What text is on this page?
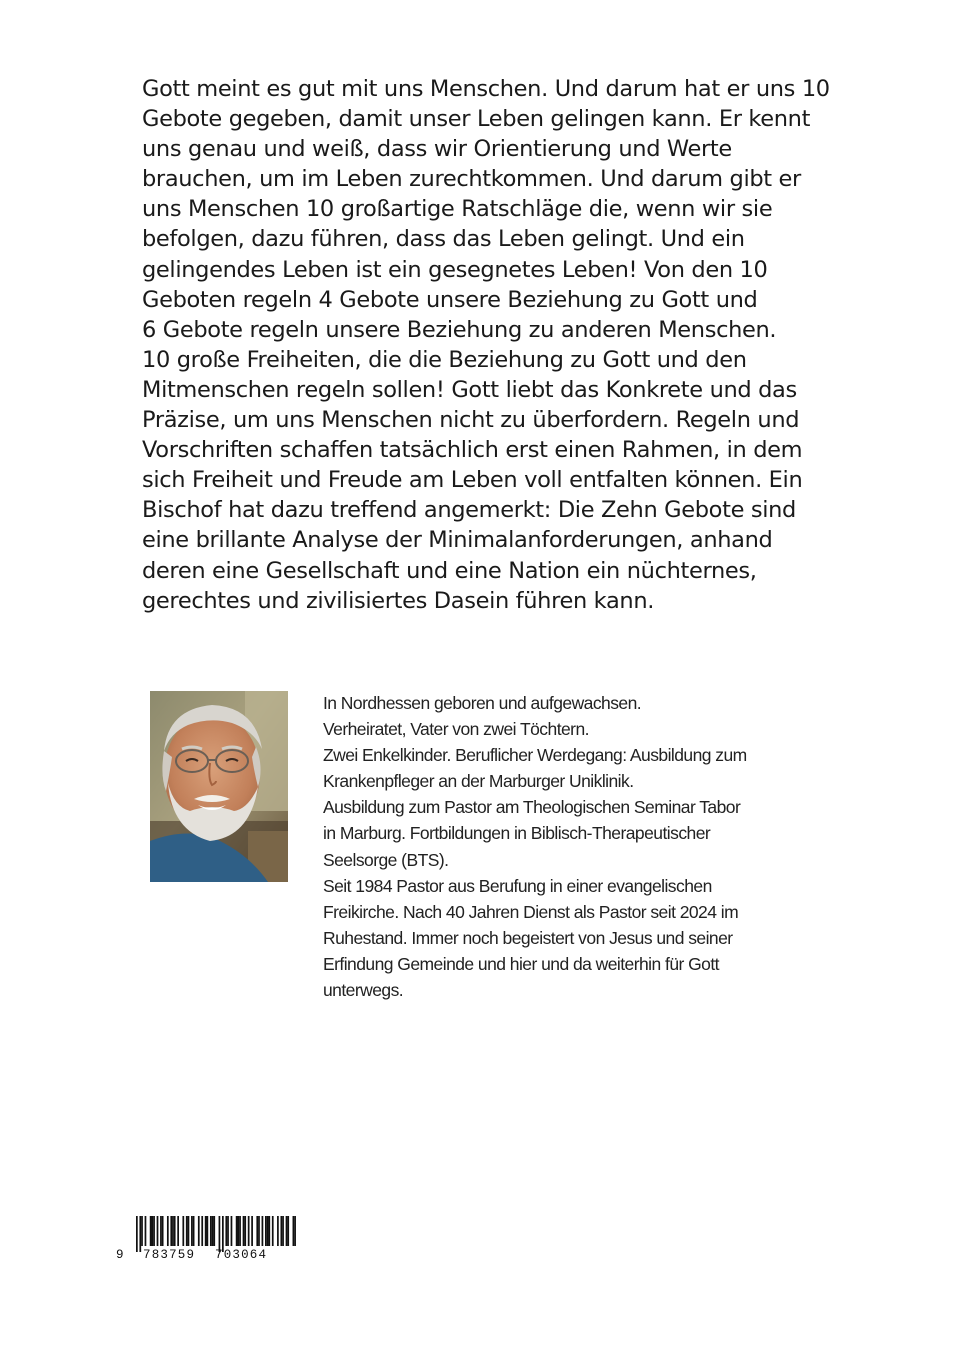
Gott meint es gut mit uns Menschen. Und darum hat er uns 10
Gebote gegeben, damit unser Leben gelingen kann. Er kennt
uns genau und weiß, dass wir Orientierung und Werte
brauchen, um im Leben zurechtkommen. Und darum gibt er
uns Menschen 10 großartige Ratschläge die, wenn wir sie
befolgen, dazu führen, dass das Leben gelingt. Und ein
gelingendes Leben ist ein gesegnetes Leben! Von den 10
Geboten regeln 4 Gebote unsere Beziehung zu Gott und
6 Gebote regeln unsere Beziehung zu anderen Menschen.
10 große Freiheiten, die die Beziehung zu Gott und den
Mitmenschen regeln sollen! Gott liebt das Konkrete und das
Präzise, um uns Menschen nicht zu überfordern. Regeln und
Vorschriften schaffen tatsächlich erst einen Rahmen, in dem
sich Freiheit und Freude am Leben voll entfalten können. Ein
Bischof hat dazu treffend angemerkt: Die Zehn Gebote sind
eine brillante Analyse der Minimalanforderungen, anhand
deren eine Gesellschaft und eine Nation ein nüchternes,
gerechtes und zivilisiertes Dasein führen kann.
In Nordhessen geboren und aufgewachsen.
Verheiratet, Vater von zwei Töchtern.
Zwei Enkelkinder. Beruflicher Werdegang: Ausbildung zum
Krankenpfleger an der Marburger Uniklinik.
Ausbildung zum Pastor am Theologischen Seminar Tabor
in Marburg. Fortbildungen in Biblisch-Therapeutischer
Seelsorge (BTS).
Seit 1984 Pastor aus Berufung in einer evangelischen
Freikirche. Nach 40 Jahren Dienst als Pastor seit 2024 im
Ruhestand. Immer noch begeistert von Jesus und seiner
Erfindung Gemeinde und hier und da weiterhin für Gott
unterwegs.
9 783759 703064
